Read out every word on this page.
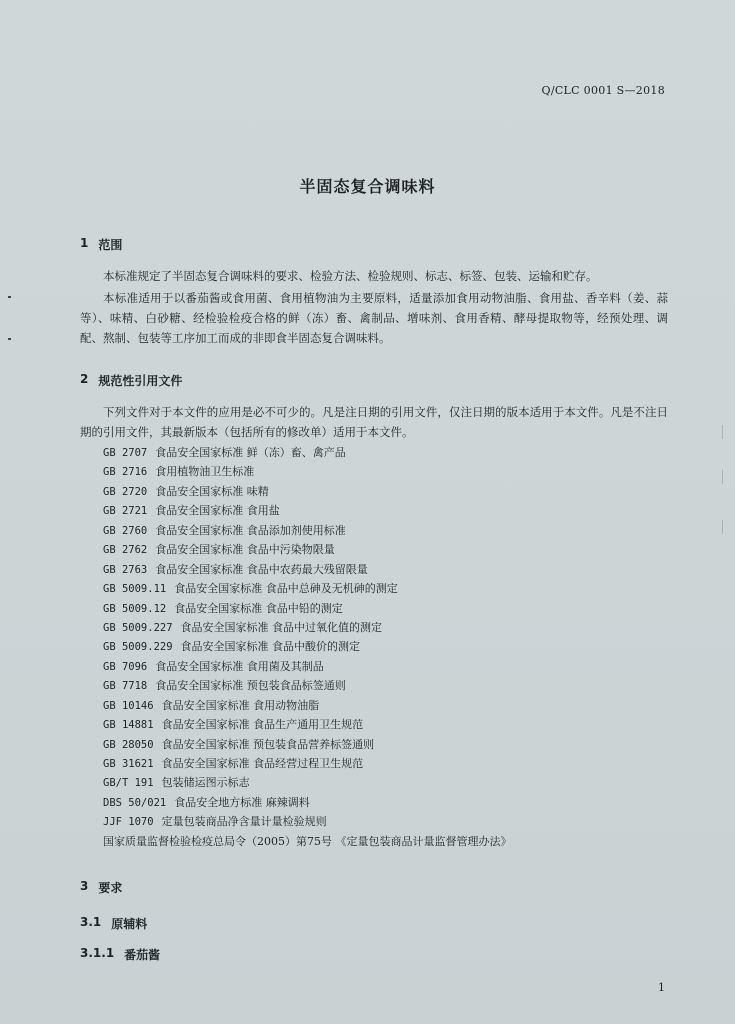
Q/CLC 0001 S—2018
半固态复合调味料
1 范围
本标准规定了半固态复合调味料的要求、检验方法、检验规则、标志、标签、包装、运输和贮存。
本标准适用于以番茄酱或食用菌、食用植物油为主要原料，适量添加食用动物油脂、食用盐、香辛料（姜、蒜等）、味精、白砂糖、经检验检疫合格的鲜（冻）畜、禽制品、增味剂、食用香精、酵母提取物等，经预处理、调配、熬制、包装等工序加工而成的非即食半固态复合调味料。
2 规范性引用文件
下列文件对于本文件的应用是必不可少的。凡是注日期的引用文件，仅注日期的版本适用于本文件。凡是不注日期的引用文件，其最新版本（包括所有的修改单）适用于本文件。
GB 2707 食品安全国家标准 鲜（冻）畜、禽产品
GB 2716 食用植物油卫生标准
GB 2720 食品安全国家标准 味精
GB 2721 食品安全国家标准 食用盐
GB 2760 食品安全国家标准 食品添加剂使用标准
GB 2762 食品安全国家标准 食品中污染物限量
GB 2763 食品安全国家标准 食品中农药最大残留限量
GB 5009.11 食品安全国家标准 食品中总砷及无机砷的测定
GB 5009.12 食品安全国家标准 食品中铅的测定
GB 5009.227 食品安全国家标准 食品中过氧化值的测定
GB 5009.229 食品安全国家标准 食品中酸价的测定
GB 7096 食品安全国家标准 食用菌及其制品
GB 7718 食品安全国家标准 预包装食品标签通则
GB 10146 食品安全国家标准 食用动物油脂
GB 14881 食品安全国家标准 食品生产通用卫生规范
GB 28050 食品安全国家标准 预包装食品营养标签通则
GB 31621 食品安全国家标准 食品经营过程卫生规范
GB/T 191 包装储运图示标志
DBS 50/021 食品安全地方标准 麻辣调料
JJF 1070 定量包装商品净含量计量检验规则
国家质量监督检验检疫总局令（2005）第75号 《定量包装商品计量监督管理办法》
3 要求
3.1 原辅料
3.1.1 番茄酱
1
